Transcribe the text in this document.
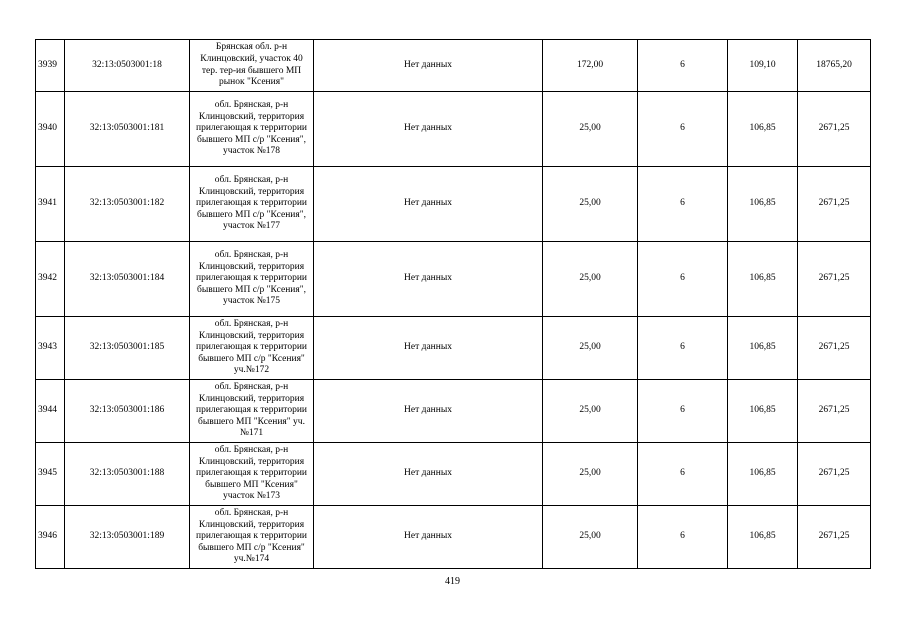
3939	32:13:0503001:18	Брянская обл. р-н Клинцовский, участок 40 тер. тер-ия бывшего МП рынок "Ксения"	Нет данных	172,00	6	109,10	18765,20
3940	32:13:0503001:181	обл. Брянская, р-н Клинцовский, территория прилегающая к территории бывшего МП с/р "Ксения", участок №178	Нет данных	25,00	6	106,85	2671,25
3941	32:13:0503001:182	обл. Брянская, р-н Клинцовский, территория прилегающая к территории бывшего МП с/р "Ксения", участок №177	Нет данных	25,00	6	106,85	2671,25
3942	32:13:0503001:184	обл. Брянская, р-н Клинцовский, территория прилегающая к территории бывшего МП с/р "Ксения", участок №175	Нет данных	25,00	6	106,85	2671,25
3943	32:13:0503001:185	обл. Брянская, р-н Клинцовский, территория прилегающая к территории бывшего МП с/р "Ксения" уч.№172	Нет данных	25,00	6	106,85	2671,25
3944	32:13:0503001:186	обл. Брянская, р-н Клинцовский, территория прилегающая к территории бывшего МП "Ксения" уч.№171	Нет данных	25,00	6	106,85	2671,25
3945	32:13:0503001:188	обл. Брянская, р-н Клинцовский, территория прилегающая к территории бывшего МП "Ксения" участок №173	Нет данных	25,00	6	106,85	2671,25
3946	32:13:0503001:189	обл. Брянская, р-н Клинцовский, территория прилегающая к территории бывшего МП с/р "Ксения" уч.№174	Нет данных	25,00	6	106,85	2671,25
419
